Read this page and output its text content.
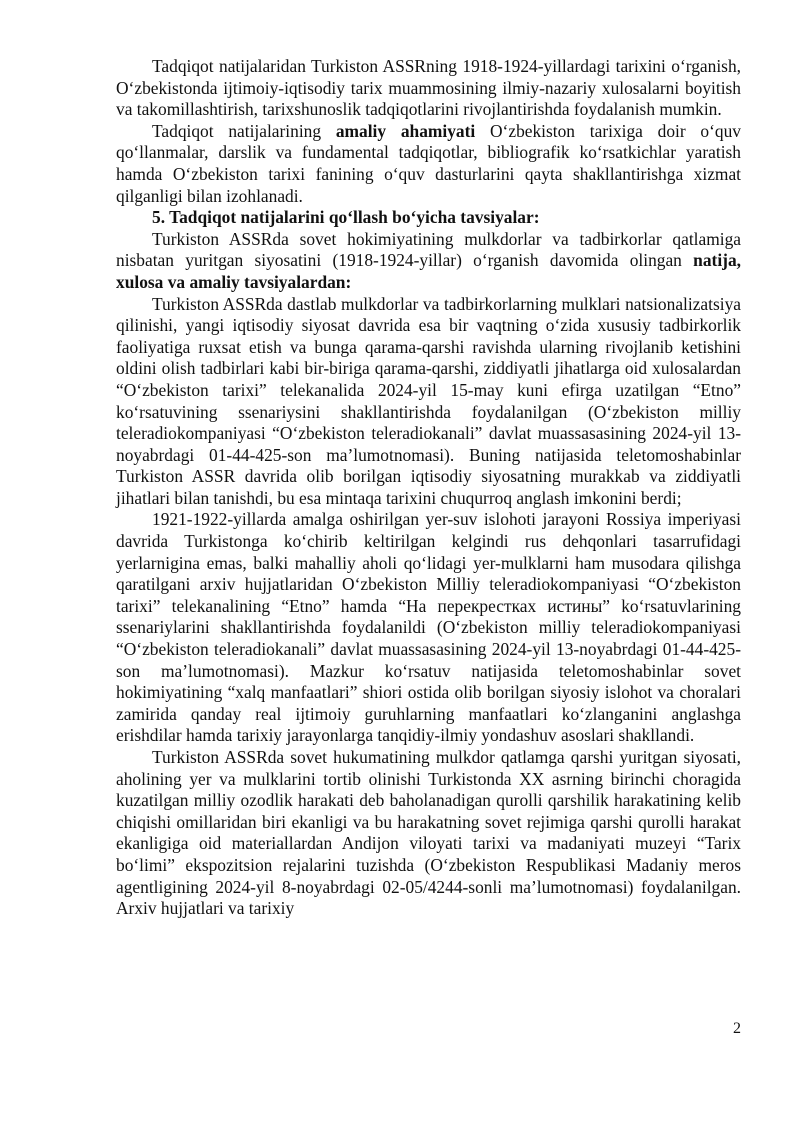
Tadqiqot natijalaridan Turkiston ASSRning 1918-1924-yillardagi tarixini o‘rganish, O‘zbekistonda ijtimoiy-iqtisodiy tarix muammosining ilmiy-nazariy xulosalarni boyitish va takomillashtirish, tarixshunoslik tadqiqotlarini rivojlantirishda foydalanish mumkin.

Tadqiqot natijalarining amaliy ahamiyati O‘zbekiston tarixiga doir o‘quv qo‘llanmalar, darslik va fundamental tadqiqotlar, bibliografik ko‘rsatkichlar yaratish hamda O‘zbekiston tarixi fanining o‘quv dasturlarini qayta shakllantirishga xizmat qilganligi bilan izohlanadi.

5. Tadqiqot natijalarini qo‘llash bo‘yicha tavsiyalar:

Turkiston ASSRda sovet hokimiyatining mulkdorlar va tadbirkorlar qatlamiga nisbatan yuritgan siyosatini (1918-1924-yillar) o‘rganish davomida olingan natija, xulosa va amaliy tavsiyalardan:

Turkiston ASSRda dastlab mulkdorlar va tadbirkorlarning mulklari natsionalizatsiya qilinishi, yangi iqtisodiy siyosat davrida esa bir vaqtning o‘zida xususiy tadbirkorlik faoliyatiga ruxsat etish va bunga qarama-qarshi ravishda ularning rivojlanib ketishini oldini olish tadbirlari kabi bir-biriga qarama-qarshi, ziddiyatli jihatlarga oid xulosalardan “O‘zbekiston tarixi” telekanalida 2024-yil 15-may kuni efirga uzatilgan “Etno” ko‘rsatuvining ssenariysini shakllantirishda foydalanilgan (O‘zbekiston milliy teleradiokompaniyasi “O‘zbekiston teleradiokanali” davlat muassasasining 2024-yil 13-noyabrdagi 01-44-425-son ma’lumotnomasi). Buning natijasida teletomoshabinlar Turkiston ASSR davrida olib borilgan iqtisodiy siyosatning murakkab va ziddiyatli jihatlari bilan tanishdi, bu esa mintaqa tarixini chuqurroq anglash imkonini berdi;

1921-1922-yillarda amalga oshirilgan yer-suv islohoti jarayoni Rossiya imperiyasi davrida Turkistonga ko‘chirib keltirilgan kelgindi rus dehqonlari tasarrufidagi yerlarnigina emas, balki mahalliy aholi qo‘lidagi yer-mulklarni ham musodara qilishga qaratilgani arxiv hujjatlaridan O‘zbekiston Milliy teleradiokompaniyasi “O‘zbekiston tarixi” telekanalining “Etno” hamda “На перекрестках истины” ko‘rsatuvlarining ssenariylarini shakllantirishda foydalanildi (O‘zbekiston milliy teleradiokompaniyasi “O‘zbekiston teleradiokanali” davlat muassasasining 2024-yil 13-noyabrdagi 01-44-425-son ma’lumotnomasi). Mazkur ko‘rsatuv natijasida teletomoshabinlar sovet hokimiyatining “xalq manfaatlari” shiori ostida olib borilgan siyosiy islohot va choralari zamirida qanday real ijtimoiy guruhlarning manfaatlari ko‘zlanganini anglashga erishdilar hamda tarixiy jarayonlarga tanqidiy-ilmiy yondashuv asoslari shakllandi.

Turkiston ASSRda sovet hukumatining mulkdor qatlamga qarshi yuritgan siyosati, aholining yer va mulklarini tortib olinishi Turkistonda XX asrning birinchi choragida kuzatilgan milliy ozodlik harakati deb baholanadigan qurolli qarshilik harakatining kelib chiqishi omillaridan biri ekanligi va bu harakatning sovet rejimiga qarshi qurolli harakat ekanligiga oid materiallardan Andijon viloyati tarixi va madaniyati muzeyi “Tarix bo‘limi” ekspozitsion rejalarini tuzishda (O‘zbekiston Respublikasi Madaniy meros agentligining 2024-yil 8-noyabrdagi 02-05/4244-sonli ma’lumotnomasi) foydalanilgan. Arxiv hujjatlari va tarixiy

2
